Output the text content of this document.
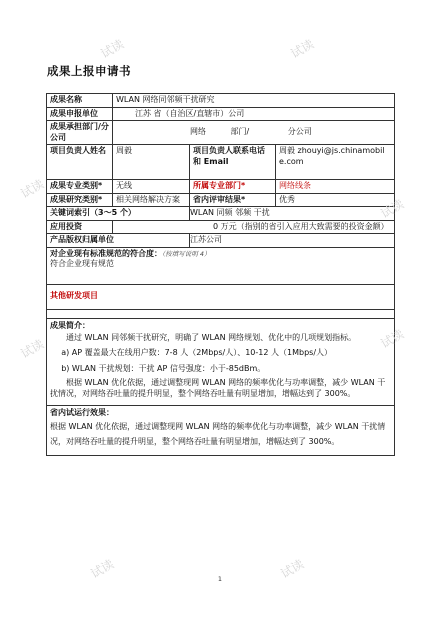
成果上报申请书
成果名称	WLAN 网络同邻频干扰研究		
成果申报单位	江苏 省（自治区/直辖市）公司		
成果承担部门/分公司	网络 部门/ 分公司		
项目负责人姓名	周毅	项目负责人联系电话和 Email	周毅 zhouyi@js.chinamobile.com
成果专业类别*	无线	所属专业部门*	网络线条
成果研究类别*	相关网络解决方案	省内评审结果*	优秀
关键词索引（3～5 个）		WLAN 同频 邻频 干扰	
应用投资	0 万元（指别的省引入应用大致需要的投资金额）		
产品版权归属单位		江苏公司	

对企业现有标准规范的符合度：（按填写说明 4）
符合企业现有规范			

其他研发项目			

成果简介：
通过 WLAN 同邻频干扰研究，明确了 WLAN 网络规划、优化中的几项规划指标。
a) AP 覆盖最大在线用户数：7-8 人（2Mbps/人）、10-12 人（1Mbps/人）
b) WLAN 干扰规划：干扰 AP 信号强度：小于-85dBm。
根据 WLAN 优化依据，通过调整现网 WLAN 网络的频率优化与功率调整，减少 WLAN 干扰情况，对网络吞吐量的提升明显，整个网络吞吐量有明显增加，增幅达到了 300%。			

省内试运行效果：
根据 WLAN 优化依据，通过调整现网 WLAN 网络的频率优化与功率调整，减少 WLAN 干扰情况，对网络吞吐量的提升明显，整个网络吞吐量有明显增加，增幅达到了 300%。			
1
试读	试读
试读
试读
试读	试读
试读	试读
